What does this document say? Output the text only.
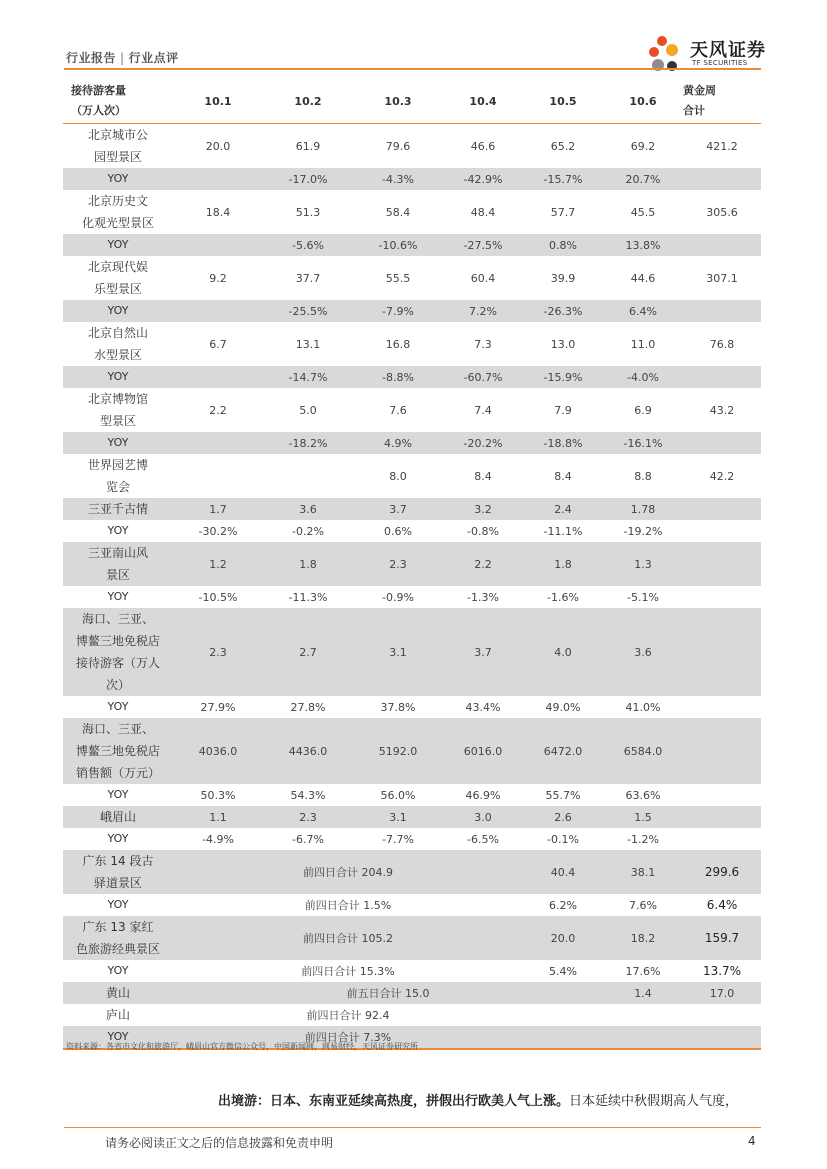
行业报告 | 行业点评	天风证券
TF SECURITIES
接待游客量
（万人次）	10.1	10.2	10.3	10.4	10.5	10.6	黄金周
合计
北京城市公
园型景区	20.0	61.9	79.6	46.6	65.2	69.2	421.2
YOY		-17.0%	-4.3%	-42.9%	-15.7%	20.7%	
北京历史文
化观光型景区	18.4	51.3	58.4	48.4	57.7	45.5	305.6
YOY		-5.6%	-10.6%	-27.5%	0.8%	13.8%	
北京现代娱
乐型景区	9.2	37.7	55.5	60.4	39.9	44.6	307.1
YOY		-25.5%	-7.9%	7.2%	-26.3%	6.4%	
北京自然山
水型景区	6.7	13.1	16.8	7.3	13.0	11.0	76.8
YOY		-14.7%	-8.8%	-60.7%	-15.9%	-4.0%	
北京博物馆
型景区	2.2	5.0	7.6	7.4	7.9	6.9	43.2
YOY		-18.2%	4.9%	-20.2%	-18.8%	-16.1%	
世界园艺博
览会			8.0	8.4	8.4	8.8	42.2
三亚千古情	1.7	3.6	3.7	3.2	2.4	1.78	
YOY	-30.2%	-0.2%	0.6%	-0.8%	-11.1%	-19.2%	
三亚南山风
景区	1.2	1.8	2.3	2.2	1.8	1.3	
YOY	-10.5%	-11.3%	-0.9%	-1.3%	-1.6%	-5.1%	
海口、三亚、
博鳌三地免税店
接待游客（万人
次）	2.3	2.7	3.1	3.7	4.0	3.6	
YOY	27.9%	27.8%	37.8%	43.4%	49.0%	41.0%	
海口、三亚、
博鳌三地免税店
销售额（万元）	4036.0	4436.0	5192.0	6016.0	6472.0	6584.0	
YOY	50.3%	54.3%	56.0%	46.9%	55.7%	63.6%	
峨眉山	1.1	2.3	3.1	3.0	2.6	1.5	
YOY	-4.9%	-6.7%	-7.7%	-6.5%	-0.1%	-1.2%	
广东 14 段古
驿道景区	前四日合计 204.9				40.4	38.1	299.6
YOY	前四日合计 1.5%				6.2%	7.6%	6.4%
广东 13 家红
色旅游经典景区	前四日合计 105.2				20.0	18.2	159.7
YOY	前四日合计 15.3%				5.4%	17.6%	13.7%
黄山	前五日合计 15.0					1.4	17.0
庐山	前四日合计 92.4						
YOY	前四日合计 7.3%						
资料来源：各省市文化和旅游厅，峨眉山官方微信公众号，中国新闻网，网易财经，天风证券研究所
出境游：日本、东南亚延续高热度，拼假出行欧美人气上涨。日本延续中秋假期高人气度，
请务必阅读正文之后的信息披露和免责申明	4
